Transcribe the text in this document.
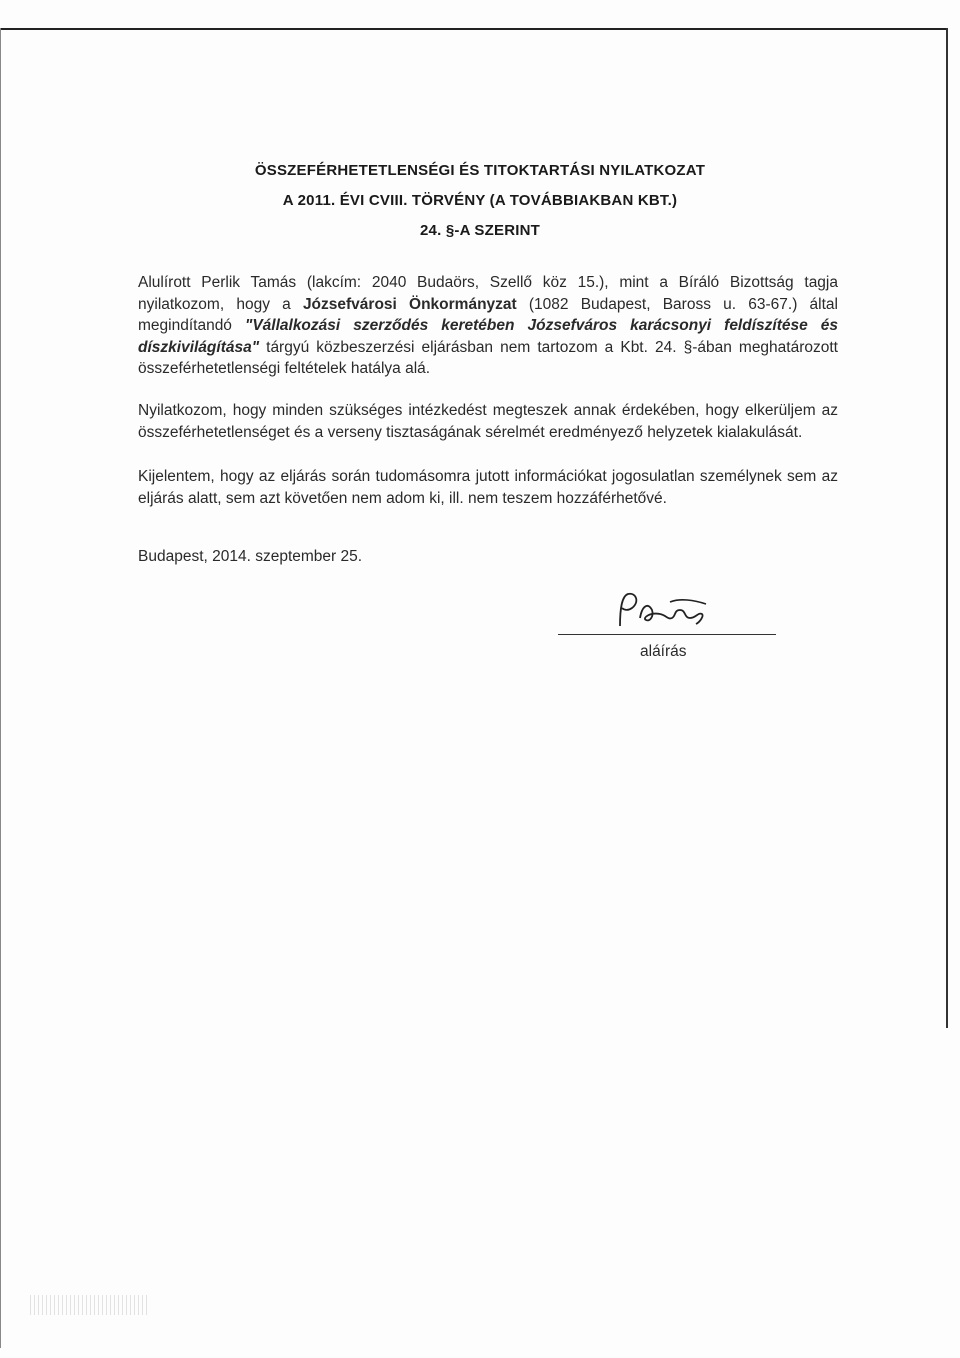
ÖSSZEFÉRHETETLENSÉGI ÉS TITOKTARTÁSI NYILATKOZAT
A 2011. ÉVI CVIII. TÖRVÉNY (A TOVÁBBIAKBAN KBT.)
24. §-A SZERINT
Alulírott Perlik Tamás (lakcím: 2040 Budaörs, Szellő köz 15.), mint a Bíráló Bizottság tagja nyilatkozom, hogy a Józsefvárosi Önkormányzat (1082 Budapest, Baross u. 63-67.) által megindítandó "Vállalkozási szerződés keretében Józsefváros karácsonyi feldíszítése és díszkivilágítása" tárgyú közbeszerzési eljárásban nem tartozom a Kbt. 24. §-ában meghatározott összeférhetetlenségi feltételek hatálya alá.
Nyilatkozom, hogy minden szükséges intézkedést megteszek annak érdekében, hogy elkerüljem az összeférhetetlenséget és a verseny tisztaságának sérelmét eredményező helyzetek kialakulását.
Kijelentem, hogy az eljárás során tudomásomra jutott információkat jogosulatlan személynek sem az eljárás alatt, sem azt követően nem adom ki, ill. nem teszem hozzáférhetővé.
Budapest, 2014. szeptember 25.
aláírás
